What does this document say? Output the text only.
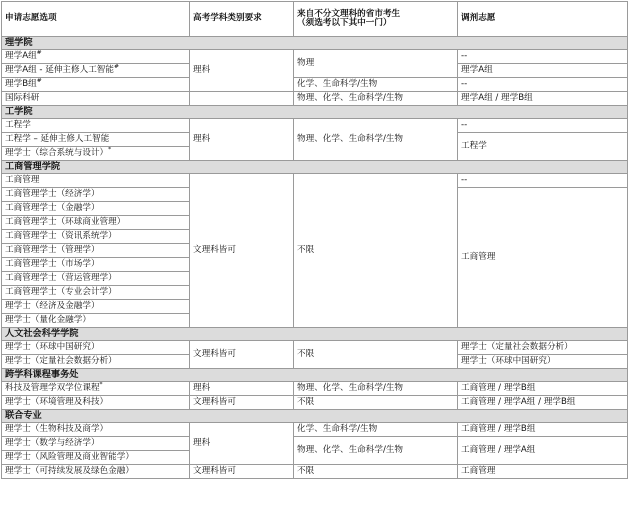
申请志愿选项	高考学科类别要求	来自不分文理科的省市考生
（须选考以下其中一门）	调剂志愿
理学院			
理学A组#	理科	物理	--
理学A组 - 延伸主修人工智能#			理学A组
理学B组#		化学、生命科学/生物	--
国际科研		物理、化学、生命科学/生物	理学A组 / 理学B组
工学院			
工程学	理科	物理、化学、生命科学/生物	--
工程学 – 延伸主修人工智能			工程学
理学士（综合系统与设计）*
工商管理学院			
工商管理	文理科皆可	不限	--
工商管理学士（经济学）			工商管理
工商管理学士（金融学）			
工商管理学士（环球商业管理）			
工商管理学士（资讯系统学）			
工商管理学士（管理学）			
工商管理学士（市场学）			
工商管理学士（营运管理学）			
工商管理学士（专业会计学）			
理学士（经济及金融学）			
理学士（量化金融学）			
人文社会科学学院			
理学士（环球中国研究）	文理科皆可	不限	理学士（定量社会数据分析）
理学士（定量社会数据分析）			理学士（环球中国研究）
跨学科课程事务处			
科技及管理学双学位课程*	理科	物理、化学、生命科学/生物	工商管理 / 理学B组
理学士（环境管理及科技）	文理科皆可	不限	工商管理 / 理学A组 / 理学B组
联合专业			
理学士（生物科技及商学）	理科	化学、生命科学/生物	工商管理 / 理学B组
理学士（数学与经济学）		物理、化学、生命科学/生物	工商管理 / 理学A组
理学士（风险管理及商业智能学）			
理学士（可持续发展及绿色金融）	文理科皆可	不限	工商管理
